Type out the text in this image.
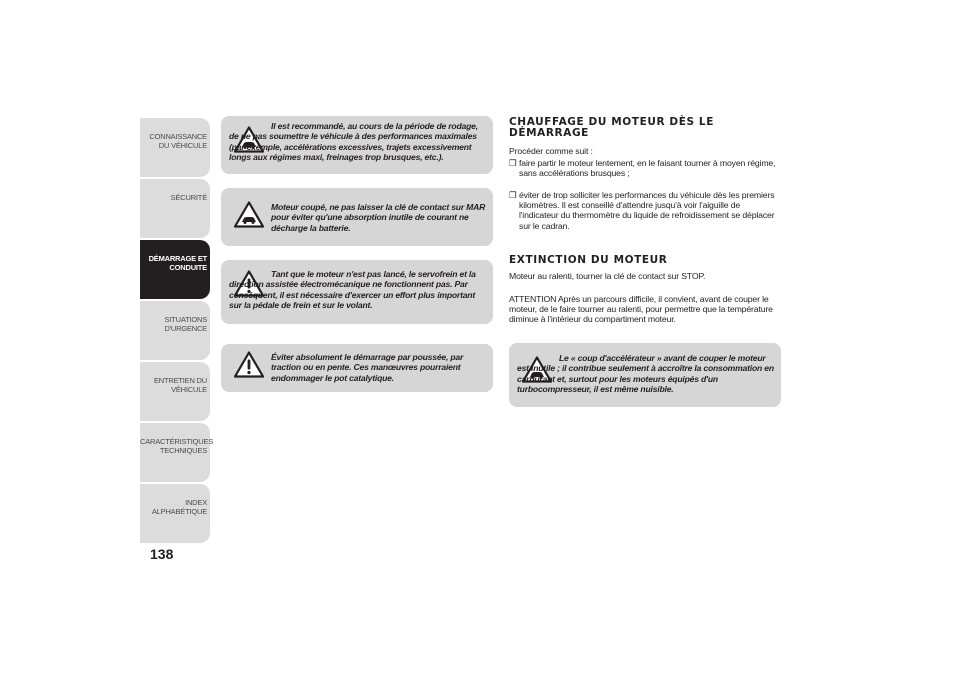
CONNAISSANCE DU VÉHICULE
SÉCURITÉ
DÉMARRAGE ET CONDUITE
SITUATIONS D'URGENCE
ENTRETIEN DU VÉHICULE
CARACTÉRISTIQUES TECHNIQUES
INDEX ALPHABÉTIQUE
138
Il est recommandé, au cours de la période de rodage, de ne pas soumettre le véhicule à des performances maximales (par exemple, accélérations excessives, trajets excessivement longs aux régimes maxi, freinages trop brusques, etc.).
Moteur coupé, ne pas laisser la clé de contact sur MAR pour éviter qu'une absorption inutile de courant ne décharge la batterie.
Tant que le moteur n'est pas lancé, le servofrein et la direction assistée électromécanique ne fonctionnent pas. Par conséquent, il est nécessaire d'exercer un effort plus important sur la pédale de frein et sur le volant.
Éviter absolument le démarrage par poussée, par traction ou en pente. Ces manœuvres pourraient endommager le pot catalytique.
CHAUFFAGE DU MOTEUR DÈS LE DÉMARRAGE
Procéder comme suit :
❒ faire partir le moteur lentement, en le faisant tourner à moyen régime, sans accélérations brusques ;
❒ éviter de trop solliciter les performances du véhicule dès les premiers kilomètres. Il est conseillé d'attendre jusqu'à voir l'aiguille de l'indicateur du thermomètre du liquide de refroidissement se déplacer sur le cadran.
EXTINCTION DU MOTEUR
Moteur au ralenti, tourner la clé de contact sur STOP.
ATTENTION Après un parcours difficile, il convient, avant de couper le moteur, de le faire tourner au ralenti, pour permettre que la température diminue à l'intérieur du compartiment moteur.
Le « coup d'accélérateur » avant de couper le moteur est inutile ; il contribue seulement à accroître la consommation en carburant et, surtout pour les moteurs équipés d'un turbocompresseur, il est même nuisible.
